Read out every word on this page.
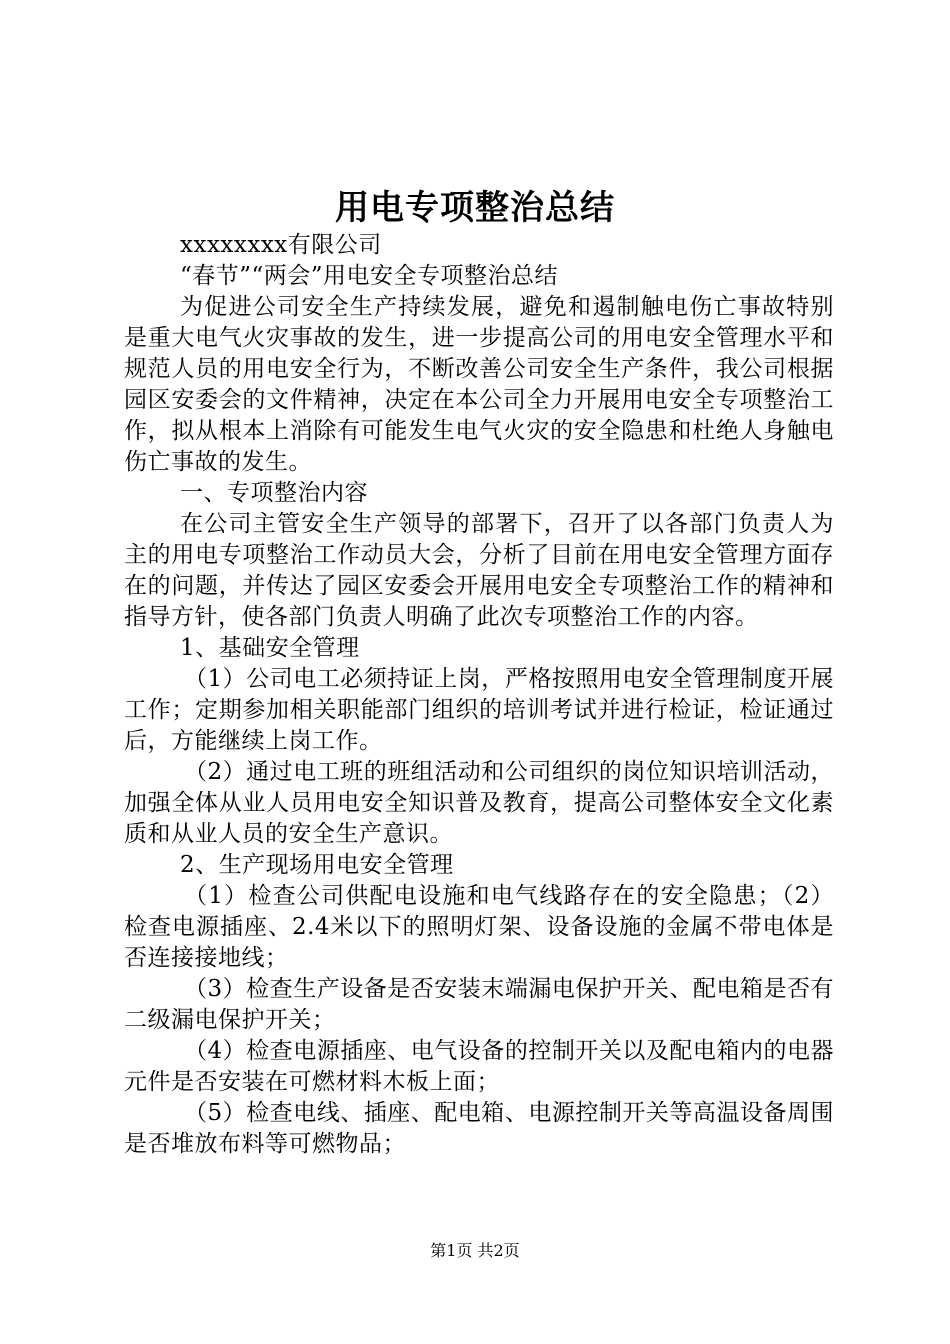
用电专项整治总结

xxxxxxxx有限公司

“春节”“两会”用电安全专项整治总结

为促进公司安全生产持续发展，避免和遏制触电伤亡事故特别是重大电气火灾事故的发生，进一步提高公司的用电安全管理水平和规范人员的用电安全行为，不断改善公司安全生产条件，我公司根据园区安委会的文件精神，决定在本公司全力开展用电安全专项整治工作，拟从根本上消除有可能发生电气火灾的安全隐患和杜绝人身触电伤亡事故的发生。

一、专项整治内容

在公司主管安全生产领导的部署下，召开了以各部门负责人为主的用电专项整治工作动员大会，分析了目前在用电安全管理方面存在的问题，并传达了园区安委会开展用电安全专项整治工作的精神和指导方针，使各部门负责人明确了此次专项整治工作的内容。

1、基础安全管理

（1）公司电工必须持证上岗，严格按照用电安全管理制度开展工作；定期参加相关职能部门组织的培训考试并进行检证，检证通过后，方能继续上岗工作。

（2）通过电工班的班组活动和公司组织的岗位知识培训活动，加强全体从业人员用电安全知识普及教育，提高公司整体安全文化素质和从业人员的安全生产意识。

2、生产现场用电安全管理

（1）检查公司供配电设施和电气线路存在的安全隐患；（2）检查电源插座、2.4米以下的照明灯架、设备设施的金属不带电体是否连接接地线；

（3）检查生产设备是否安装末端漏电保护开关、配电箱是否有二级漏电保护开关；

（4）检查电源插座、电气设备的控制开关以及配电箱内的电器元件是否安装在可燃材料木板上面；

（5）检查电线、插座、配电箱、电源控制开关等高温设备周围是否堆放布料等可燃物品；

第1页 共2页
